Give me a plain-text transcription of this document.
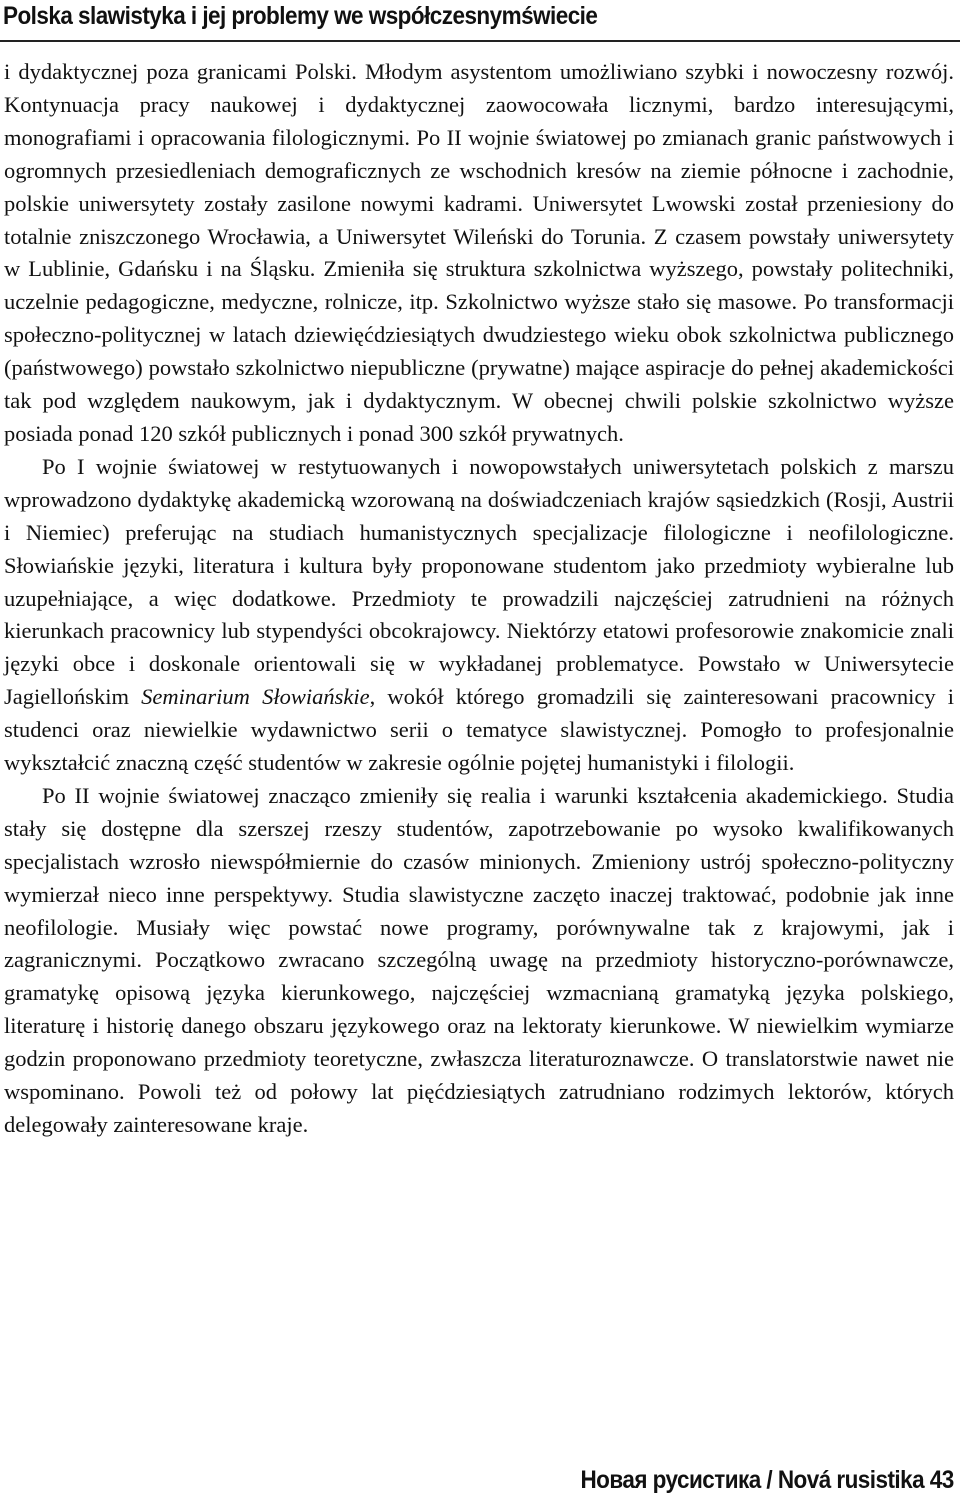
Polska slawistyka i jej problemy we współczesnymświecie

i dydaktycznej poza granicami Polski. Młodym asystentom umożliwiano szybki i nowoczesny rozwój. Kontynuacja pracy naukowej i dydaktycznej zaowocowała licznymi, bardzo interesującymi, monografiami i opracowania filologicznymi. Po II wojnie światowej po zmianach granic państwowych i ogromnych przesiedleniach demograficznych ze wschodnich kresów na ziemie północne i zachodnie, polskie uniwersytety zostały zasilone nowymi kadrami. Uniwersytet Lwowski został przeniesiony do totalnie zniszczonego Wrocławia, a Uniwersytet Wileński do Torunia. Z czasem powstały uniwersytety w Lublinie, Gdańsku i na Śląsku. Zmieniła się struktura szkolnictwa wyższego, powstały politechniki, uczelnie pedagogiczne, medyczne, rolnicze, itp. Szkolnictwo wyższe stało się masowe. Po transformacji społeczno-politycznej w latach dziewięćdziesiątych dwudziestego wieku obok szkolnictwa publicznego (państwowego) powstało szkolnictwo niepubliczne (prywatne) mające aspiracje do pełnej akademickości tak pod względem naukowym, jak i dydaktycznym. W obecnej chwili polskie szkolnictwo wyższe posiada ponad 120 szkół publicznych i ponad 300 szkół prywatnych.

Po I wojnie światowej w restytuowanych i nowopowstałych uniwersytetach polskich z marszu wprowadzono dydaktykę akademicką wzorowaną na doświadczeniach krajów sąsiedzkich (Rosji, Austrii i Niemiec) preferując na studiach humanistycznych specjalizacje filologiczne i neofilologiczne. Słowiańskie języki, literatura i kultura były proponowane studentom jako przedmioty wybieralne lub uzupełniające, a więc dodatkowe. Przedmioty te prowadzili najczęściej zatrudnieni na różnych kierunkach pracownicy lub stypendyści obcokrajowcy. Niektórzy etatowi profesorowie znakomicie znali języki obce i doskonale orientowali się w wykładanej problematyce. Powstało w Uniwersytecie Jagiellońskim Seminarium Słowiańskie, wokół którego gromadzili się zainteresowani pracownicy i studenci oraz niewielkie wydawnictwo serii o tematyce slawistycznej. Pomogło to profesjonalnie wykształcić znaczną część studentów w zakresie ogólnie pojętej humanistyki i filologii.

Po II wojnie światowej znacząco zmieniły się realia i warunki kształcenia akademickiego. Studia stały się dostępne dla szerszej rzeszy studentów, zapotrzebowanie po wysoko kwalifikowanych specjalistach wzrosło niewspółmiernie do czasów minionych. Zmieniony ustrój społeczno-polityczny wymierzał nieco inne perspektywy. Studia slawistyczne zaczęto inaczej traktować, podobnie jak inne neofilologie. Musiały więc powstać nowe programy, porównywalne tak z krajowymi, jak i zagranicznymi. Początkowo zwracano szczególną uwagę na przedmioty historyczno-porównawcze, gramatykę opisową języka kierunkowego, najczęściej wzmacnianą gramatyką języka polskiego, literaturę i historię danego obszaru językowego oraz na lektoraty kierunkowe. W niewielkim wymiarze godzin proponowano przedmioty teoretyczne, zwłaszcza literaturoznawcze. O translatorstwie nawet nie wspominano. Powoli też od połowy lat pięćdziesiątych zatrudniano rodzimych lektorów, których delegowały zainteresowane kraje.

Новая русистика / Nová rusistika 43
